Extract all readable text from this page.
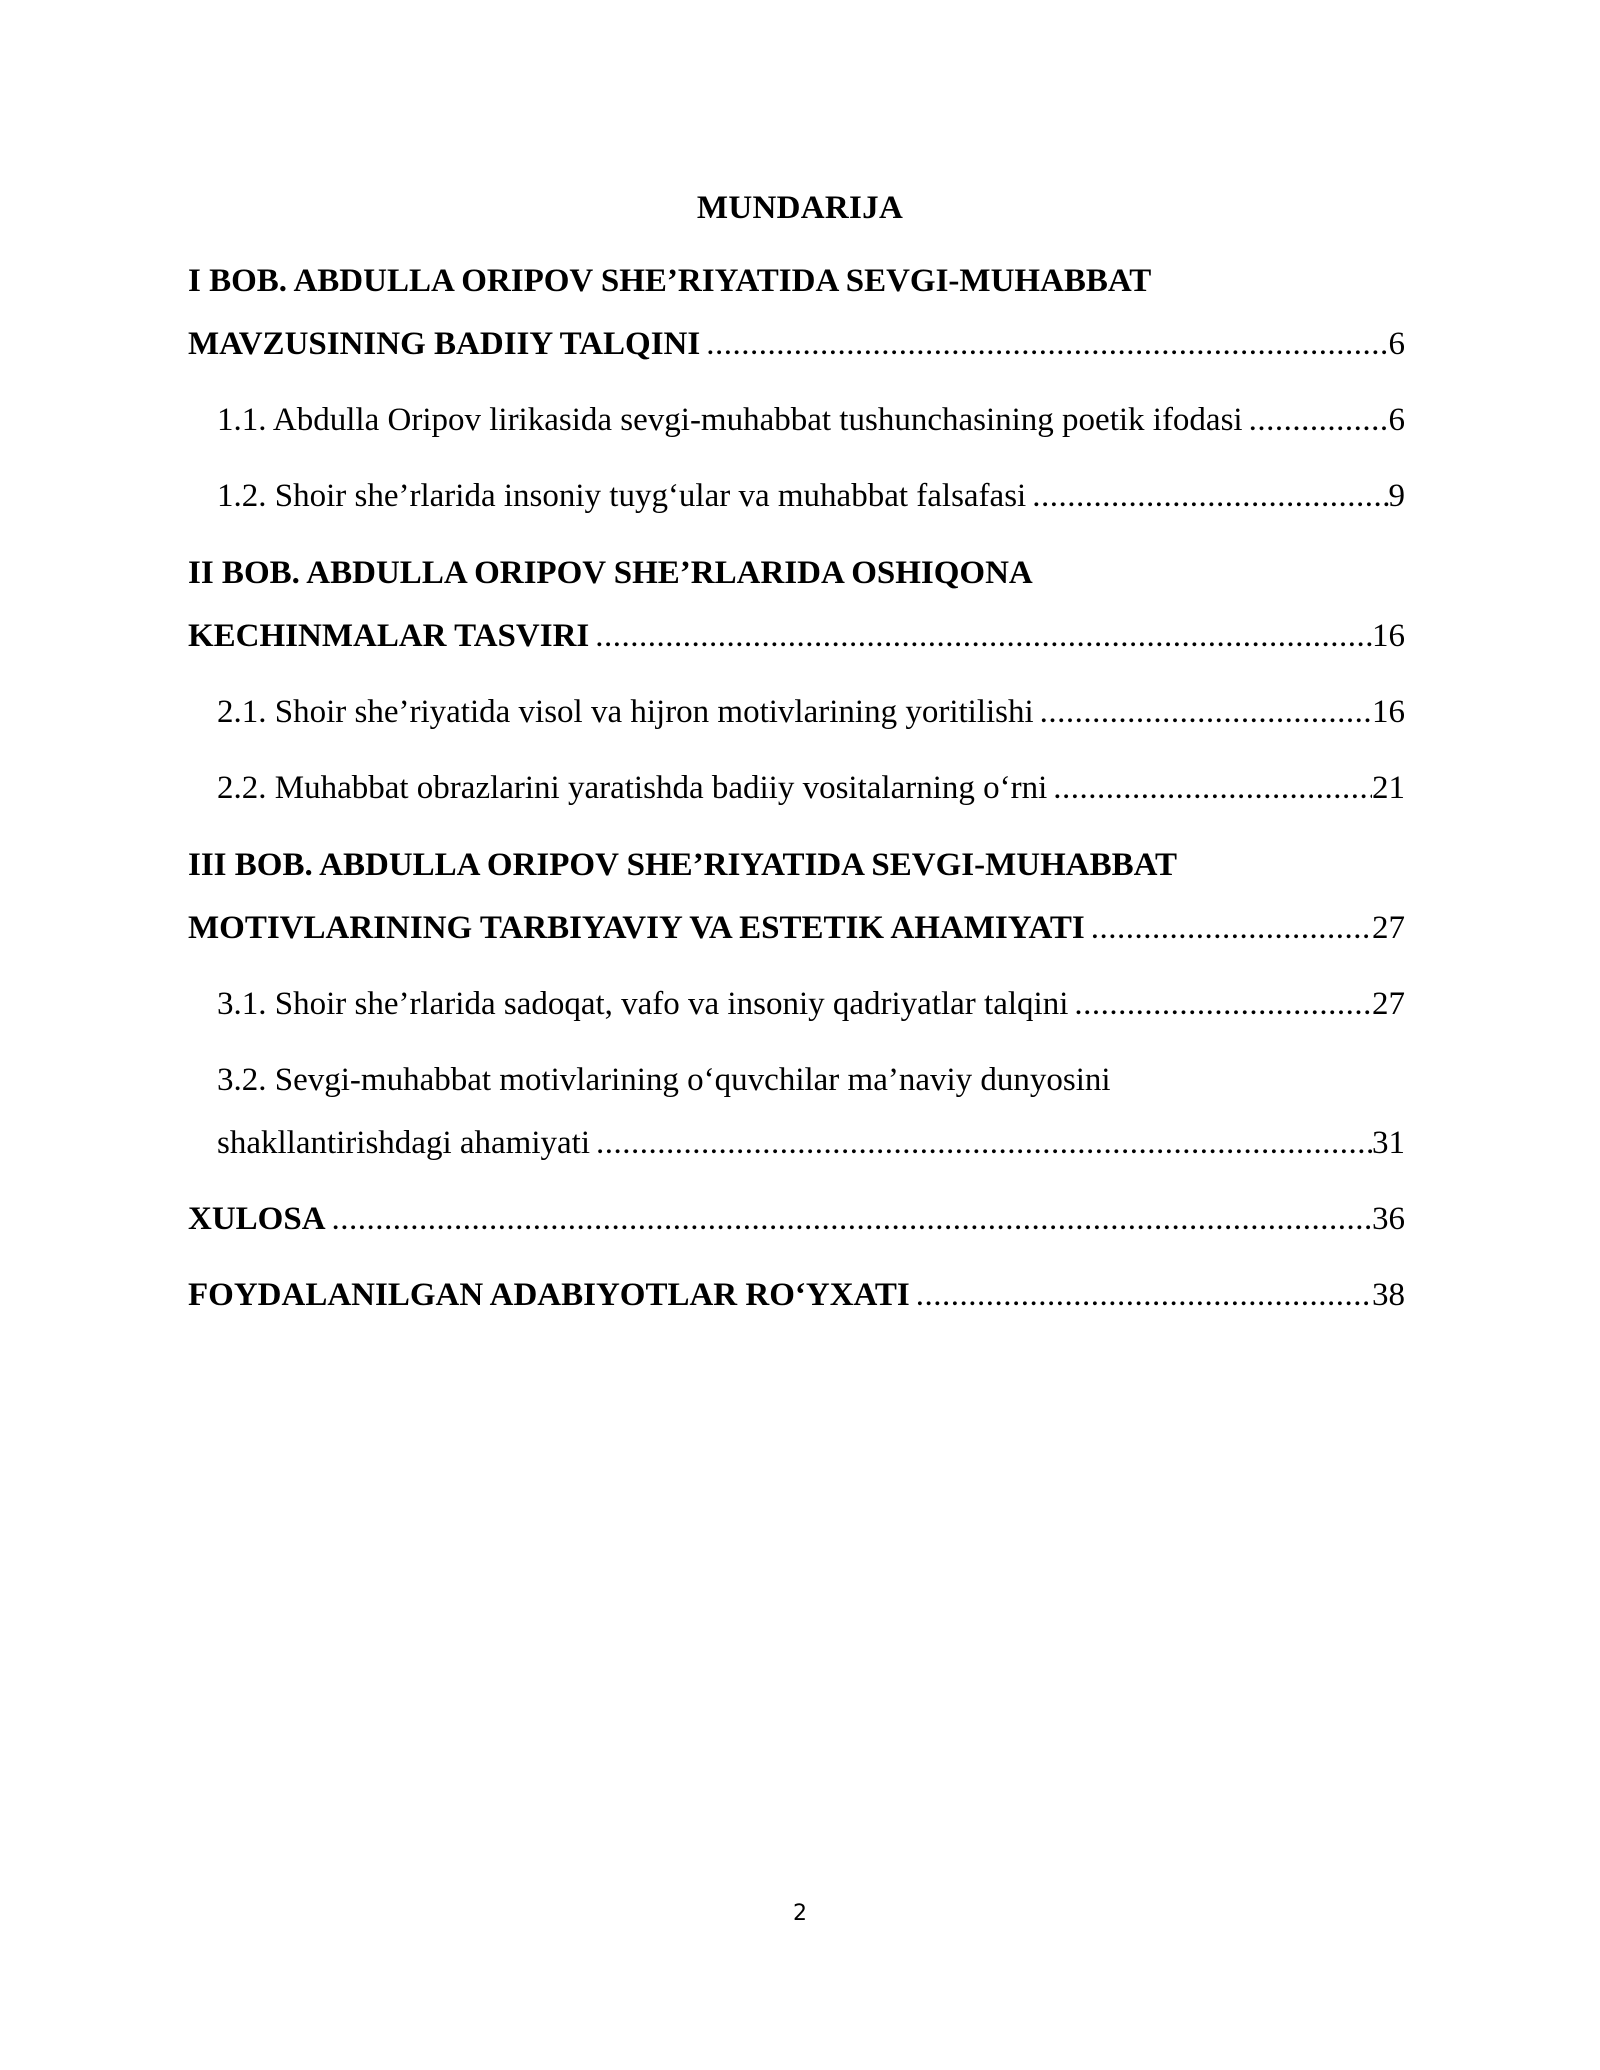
MUNDARIJA
I BOB. ABDULLA ORIPOV SHE’RIYATIDA SEVGI-MUHABBAT
MAVZUSINING BADIIY TALQINI .....	6
1.1. Abdulla Oripov lirikasida sevgi-muhabbat tushunchasining poetik ifodasi .....	6
1.2. Shoir she’rlarida insoniy tuyg‘ular va muhabbat falsafasi .....	9
II BOB. ABDULLA ORIPOV SHE’RLARIDA OSHIQONA
KECHINMALAR TASVIRI .....	16
2.1. Shoir she’riyatida visol va hijron motivlarining yoritilishi .....	16
2.2. Muhabbat obrazlarini yaratishda badiiy vositalarning o‘rni .....	21
III BOB. ABDULLA ORIPOV SHE’RIYATIDA SEVGI-MUHABBAT
MOTIVLARINING TARBIYAVIY VA ESTETIK AHAMIYATI .....	27
3.1. Shoir she’rlarida sadoqat, vafo va insoniy qadriyatlar talqini .....	27
3.2. Sevgi-muhabbat motivlarining o‘quvchilar ma’naviy dunyosini
shakllantirishdagi ahamiyati .....	31
XULOSA .....	36
FOYDALANILGAN ADABIYOTLAR RO‘YXATI .....	38
2
